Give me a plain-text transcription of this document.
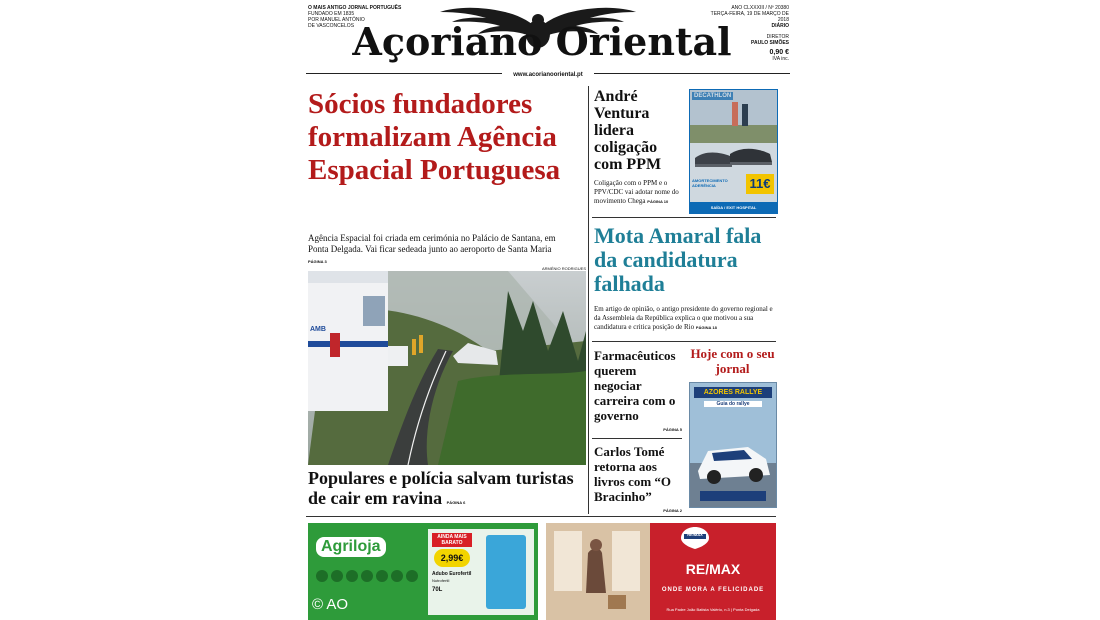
O MAIS ANTIGO JORNAL PORTUGUÊS
FUNDADO EM 1835
POR MANUEL ANTÓNIO
DE VASCONCELOS
Açoriano Oriental
ANO CLXXXIII / Nº 20380
TERÇA-FEIRA, 19 DE MARÇO DE 2018
DIÁRIO
DIRETOR
PAULO SIMÕES
0,90 €
IVA inc.
www.acorianooriental.pt
Sócios fundadores formalizam Agência Espacial Portuguesa
Agência Espacial foi criada em cerimónia no Palácio de Santana, em Ponta Delgada. Vai ficar sedeada junto ao aeroporto de Santa Maria PÁGINA 3
ARMÉNIO RODRIGUES
AMB
Populares e polícia salvam turistas de cair em ravina PÁGINA 6
André Ventura lidera coligação com PPM
Coligação com o PPM e o PPV/CDC vai adotar nome do movimento Chega PÁGINA 10
DECATHLON
11€
AMORTECIMENTO ADERÊNCIA
SAÍDA / EXIT HOSPITAL
Mota Amaral fala da candidatura falhada
Em artigo de opinião, o antigo presidente do governo regional e da Assembleia da República explica o que motivou a sua candidatura e critica posição de Rio PÁGINA 18
Farmacêuticos querem negociar carreira com o governo
PÁGINA 5
Carlos Tomé retorna aos livros com “O Bracinho”
PÁGINA 2
Hoje com o seu jornal
AZORES RALLYE
Guia do rallye
Agriloja
© AO
AINDA MAIS BARATO
2,99€
Adubo Eurofertil
Nutrofertil
70L
RE/MAX
RE/MAX
ONDE MORA A FELICIDADE
Rua Padre João Batista Valério, n.3 | Ponta Delgada
